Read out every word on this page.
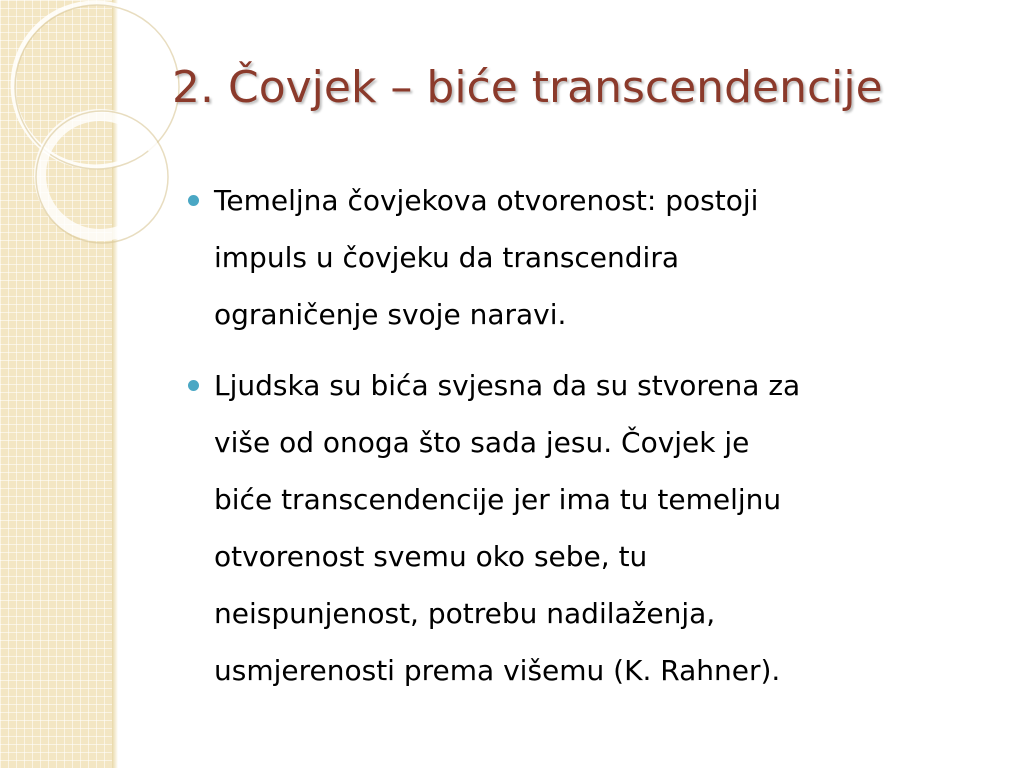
2. Čovjek – biće transcendencije
Temeljna čovjekova otvorenost: postoji
impuls u čovjeku da transcendira
ograničenje svoje naravi.
Ljudska su bića svjesna da su stvorena za
više od onoga što sada jesu. Čovjek je
biće transcendencije jer ima tu temeljnu
otvorenost svemu oko sebe, tu
neispunjenost, potrebu nadilaženja,
usmjerenosti prema višemu (K. Rahner).
